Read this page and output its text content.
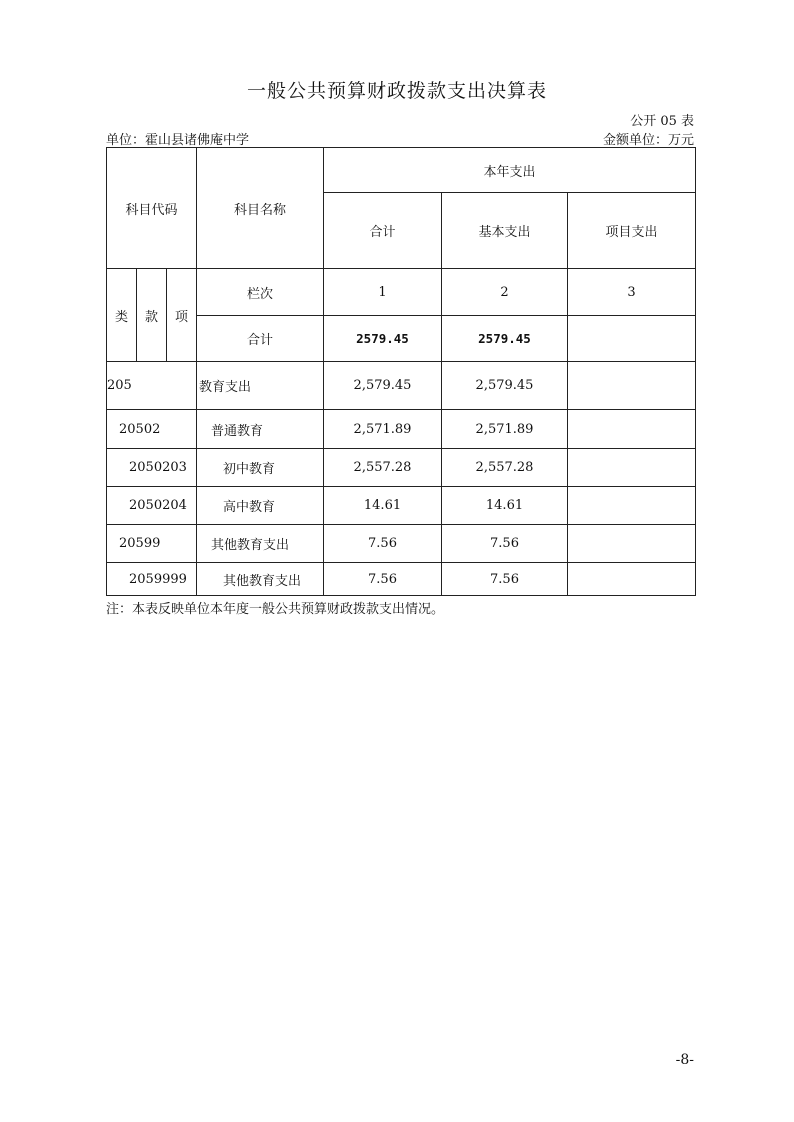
一般公共预算财政拨款支出决算表
公开 05 表
单位：霍山县诸佛庵中学	金额单位：万元
科目代码			科目名称	本年支出		
				合计	基本支出	项目支出
类	款	项	栏次	1	2	3
			合计	2579.45	2579.45	
205			教育支出	2,579.45	2,579.45	
20502			普通教育	2,571.89	2,571.89	
2050203			初中教育	2,557.28	2,557.28	
2050204			高中教育	14.61	14.61	
20599			其他教育支出	7.56	7.56	
2059999			其他教育支出	7.56	7.56	
注：本表反映单位本年度一般公共预算财政拨款支出情况。
-8-
